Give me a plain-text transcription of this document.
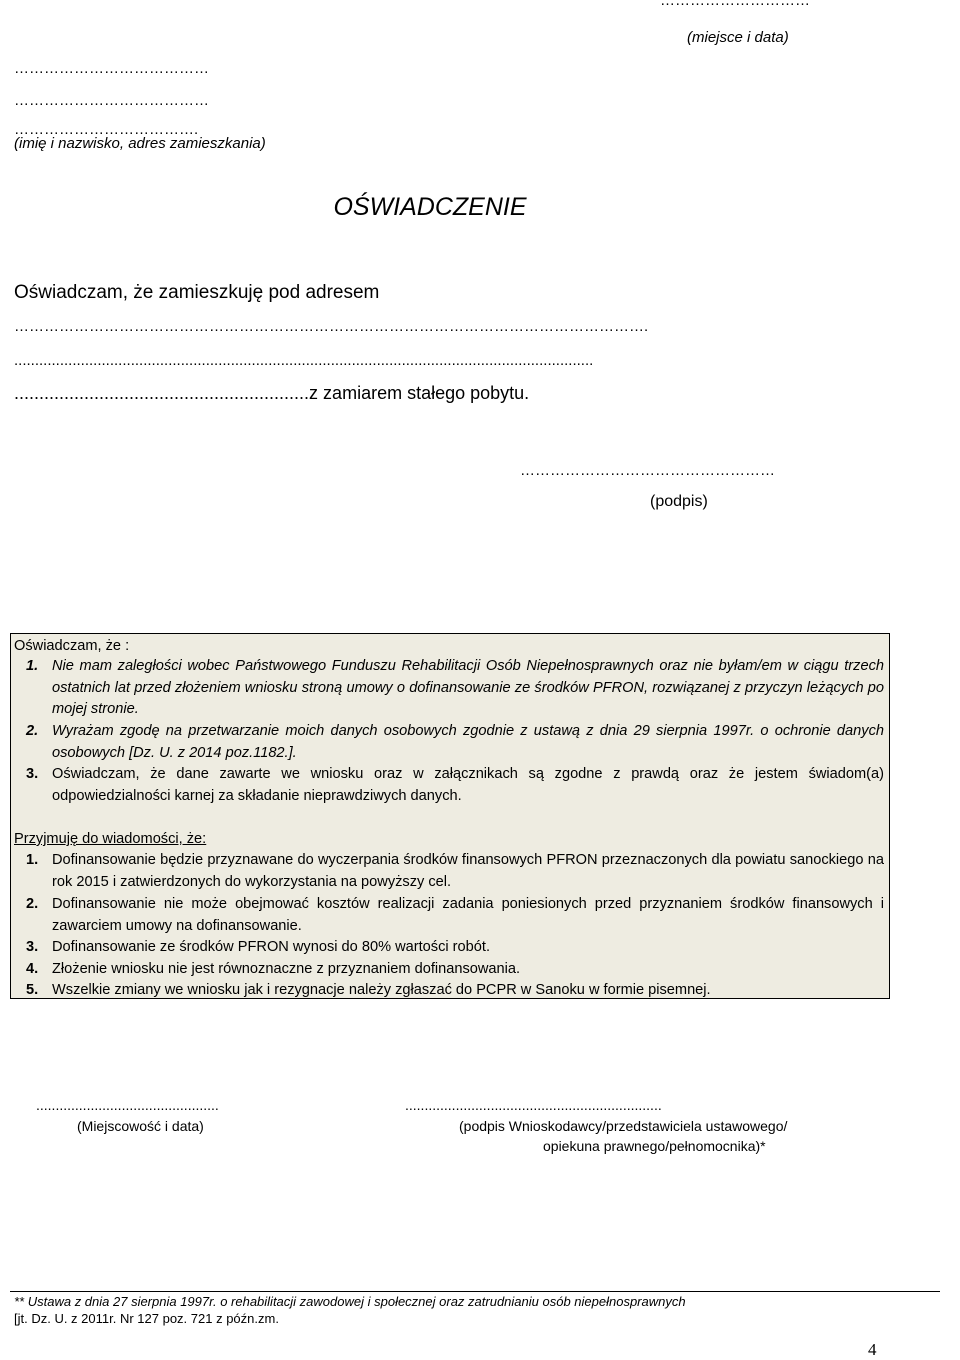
…………………………
(miejsce i data)
…………………………………
…………………………………
……………………………….
(imię i nazwisko, adres zamieszkania)
OŚWIADCZENIE
Oświadczam, że zamieszkuję pod adresem
……………………………………………………………………………………………………………….
...........................................................................................................................................
...........................................................z zamiarem stałego pobytu.
……………………………………………
(podpis)
Oświadczam, że :
1. Nie mam zaległości wobec Państwowego Funduszu Rehabilitacji Osób Niepełnosprawnych oraz nie byłam/em w ciągu trzech ostatnich lat przed złożeniem wniosku stroną umowy o dofinansowanie ze środków PFRON, rozwiązanej z przyczyn leżących po mojej stronie.
2. Wyrażam zgodę na przetwarzanie moich danych osobowych zgodnie z ustawą z dnia 29 sierpnia 1997r. o ochronie danych osobowych [Dz. U. z 2014 poz.1182.].
3. Oświadczam, że dane zawarte we wniosku oraz w załącznikach są zgodne z prawdą oraz że jestem świadom(a) odpowiedzialności karnej za składanie nieprawdziwych danych.
Przyjmuję do wiadomości, że:
1. Dofinansowanie będzie przyznawane do wyczerpania środków finansowych PFRON przeznaczonych dla powiatu sanockiego na rok 2015 i zatwierdzonych do wykorzystania na powyższy cel.
2. Dofinansowanie nie może obejmować kosztów realizacji zadania poniesionych przed przyznaniem środków finansowych i zawarciem umowy na dofinansowanie.
3. Dofinansowanie ze środków PFRON wynosi do 80% wartości robót.
4. Złożenie wniosku nie jest równoznaczne z przyznaniem dofinansowania.
5. Wszelkie zmiany we wniosku jak i rezygnacje należy zgłaszać do PCPR w Sanoku w formie pisemnej.
...............................................
(Miejscowość i data)
..................................................................
(podpis Wnioskodawcy/przedstawiciela ustawowego/
opiekuna prawnego/pełnomocnika)*
** Ustawa z dnia 27 sierpnia 1997r. o rehabilitacji zawodowej i społecznej oraz zatrudnianiu osób niepełnosprawnych
[jt. Dz. U. z 2011r. Nr 127 poz. 721 z późn.zm.
4
